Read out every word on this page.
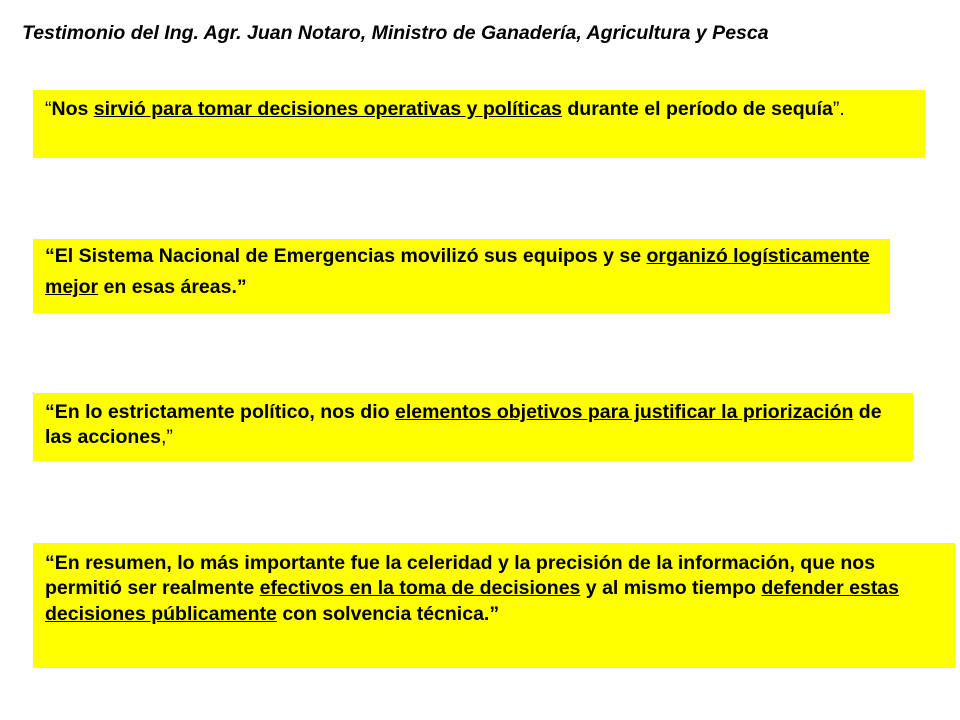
Testimonio del Ing. Agr. Juan Notaro, Ministro de Ganadería, Agricultura y Pesca
“Nos sirvió para tomar decisiones operativas y políticas durante el período de sequía”.
“El Sistema Nacional de Emergencias movilizó sus equipos y se organizó logísticamente mejor en esas áreas.”
“En lo estrictamente político, nos dio elementos objetivos para justificar la priorización de las acciones,”
“En resumen, lo más importante fue la celeridad y la precisión de la información, que nos permitió ser realmente efectivos en la toma de decisiones y al mismo tiempo defender estas decisiones públicamente con solvencia técnica.”
